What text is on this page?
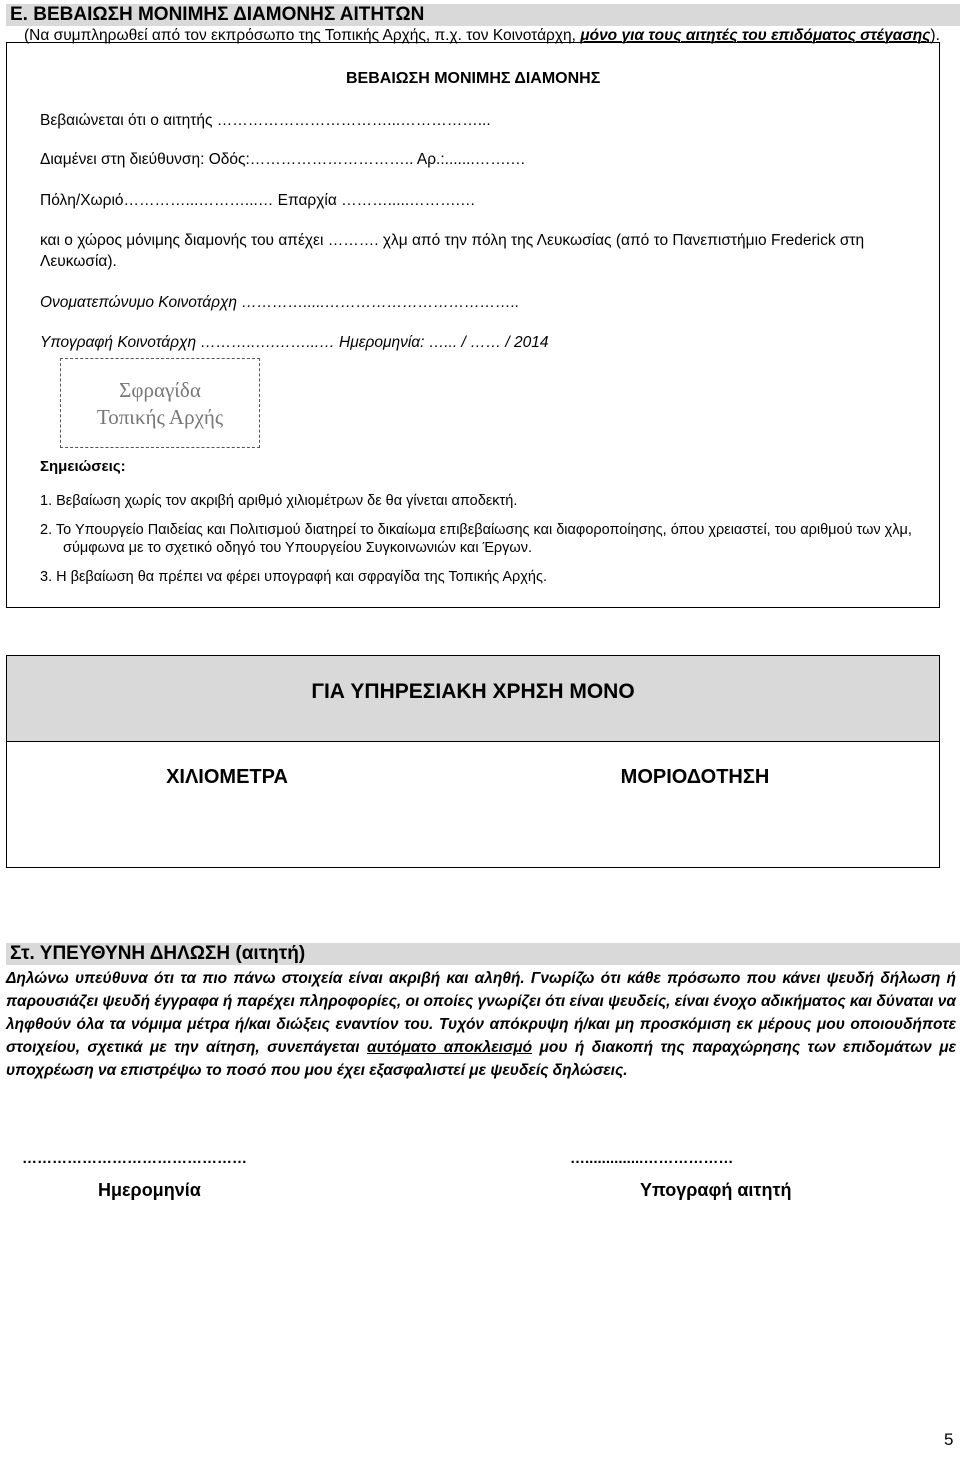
Ε. ΒΕΒΑΙΩΣΗ ΜΟΝΙΜΗΣ ΔΙΑΜΟΝΗΣ ΑΙΤΗΤΩΝ
(Να συμπληρωθεί από τον εκπρόσωπο της Τοπικής Αρχής, π.χ. τον Κοινοτάρχη, μόνο για τους αιτητές του επιδόματος στέγασης).
ΒΕΒΑΙΩΣΗ ΜΟΝΙΜΗΣ ΔΙΑΜΟΝΗΣ
Βεβαιώνεται ότι ο αιτητής ……………………………...……………...
Διαμένει στη διεύθυνση: Οδός:………………………….. Αρ.:.......…….…
Πόλη/Χωριό…………...………...… Επαρχία ……….....……….…
και ο χώρος μόνιμης διαμονής του απέχει ………. χλμ από την πόλη της Λευκωσίας (από το Πανεπιστήμιο Frederick στη
Λευκωσία).
Ονοματεπώνυμο Κοινοτάρχη ………….....………………………………..
Υπογραφή Κοινοτάρχη ………..….……...… Ημερομηνία: …... / …… / 2014
Σφραγίδα
Τοπικής Αρχής
Σημειώσεις:
1. Βεβαίωση χωρίς τον ακριβή αριθμό χιλιομέτρων δε θα γίνεται αποδεκτή.
2. Το Υπουργείο Παιδείας και Πολιτισμού διατηρεί το δικαίωμα επιβεβαίωσης και διαφοροποίησης, όπου χρειαστεί, του αριθμού των χλμ,
σύμφωνα με το σχετικό οδηγό του Υπουργείου Συγκοινωνιών και Έργων.
3. Η βεβαίωση θα πρέπει να φέρει υπογραφή και σφραγίδα της Τοπικής Αρχής.
ΓΙΑ ΥΠΗΡΕΣΙΑΚΗ ΧΡΗΣΗ ΜΟΝΟ
ΧΙΛΙΟΜΕΤΡΑ	ΜΟΡΙΟΔΟΤΗΣΗ
Στ. ΥΠΕΥΘΥΝΗ ΔΗΛΩΣΗ (αιτητή)
Δηλώνω υπεύθυνα ότι τα πιο πάνω στοιχεία είναι ακριβή και αληθή. Γνωρίζω ότι κάθε πρόσωπο που κάνει ψευδή δήλωση ή παρουσιάζει ψευδή έγγραφα ή παρέχει πληροφορίες, οι οποίες γνωρίζει ότι είναι ψευδείς, είναι ένοχο αδικήματος και δύναται να ληφθούν όλα τα νόμιμα μέτρα ή/και διώξεις εναντίον του. Τυχόν απόκρυψη ή/και μη προσκόμιση εκ μέρους μου οποιουδήποτε στοιχείου, σχετικά με την αίτηση, συνεπάγεται αυτόματο αποκλεισμό μου ή διακοπή της παραχώρησης των επιδομάτων με υποχρέωση να επιστρέψω το ποσό που μου έχει εξασφαλιστεί με ψευδείς δηλώσεις.
………………………………………	…..............………………
Ημερομηνία	Υπογραφή αιτητή
5
